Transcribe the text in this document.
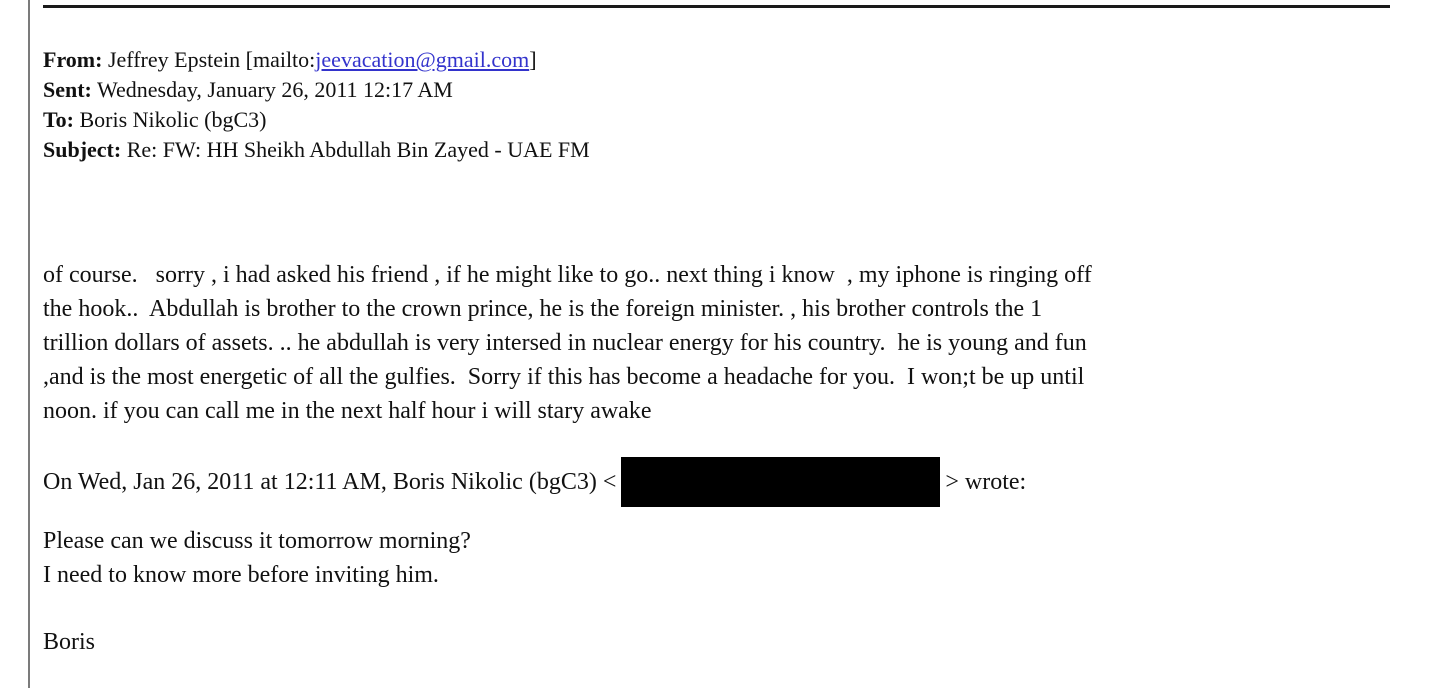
From: Jeffrey Epstein [mailto:jeevacation@gmail.com]
Sent: Wednesday, January 26, 2011 12:17 AM
To: Boris Nikolic (bgC3)
Subject: Re: FW: HH Sheikh Abdullah Bin Zayed - UAE FM
of course.   sorry , i had asked his friend , if he might like to go.. next thing i know  , my iphone is ringing off
the hook..  Abdullah is brother to the crown prince, he is the foreign minister. , his brother controls the 1
trillion dollars of assets. .. he abdullah is very intersed in nuclear energy for his country.  he is young and fun
,and is the most energetic of all the gulfies.  Sorry if this has become a headache for you.  I won;t be up until
noon. if you can call me in the next half hour i will stary awake
On Wed, Jan 26, 2011 at 12:11 AM, Boris Nikolic (bgC3) <	> wrote:
Please can we discuss it tomorrow morning?
I need to know more before inviting him.
Boris
